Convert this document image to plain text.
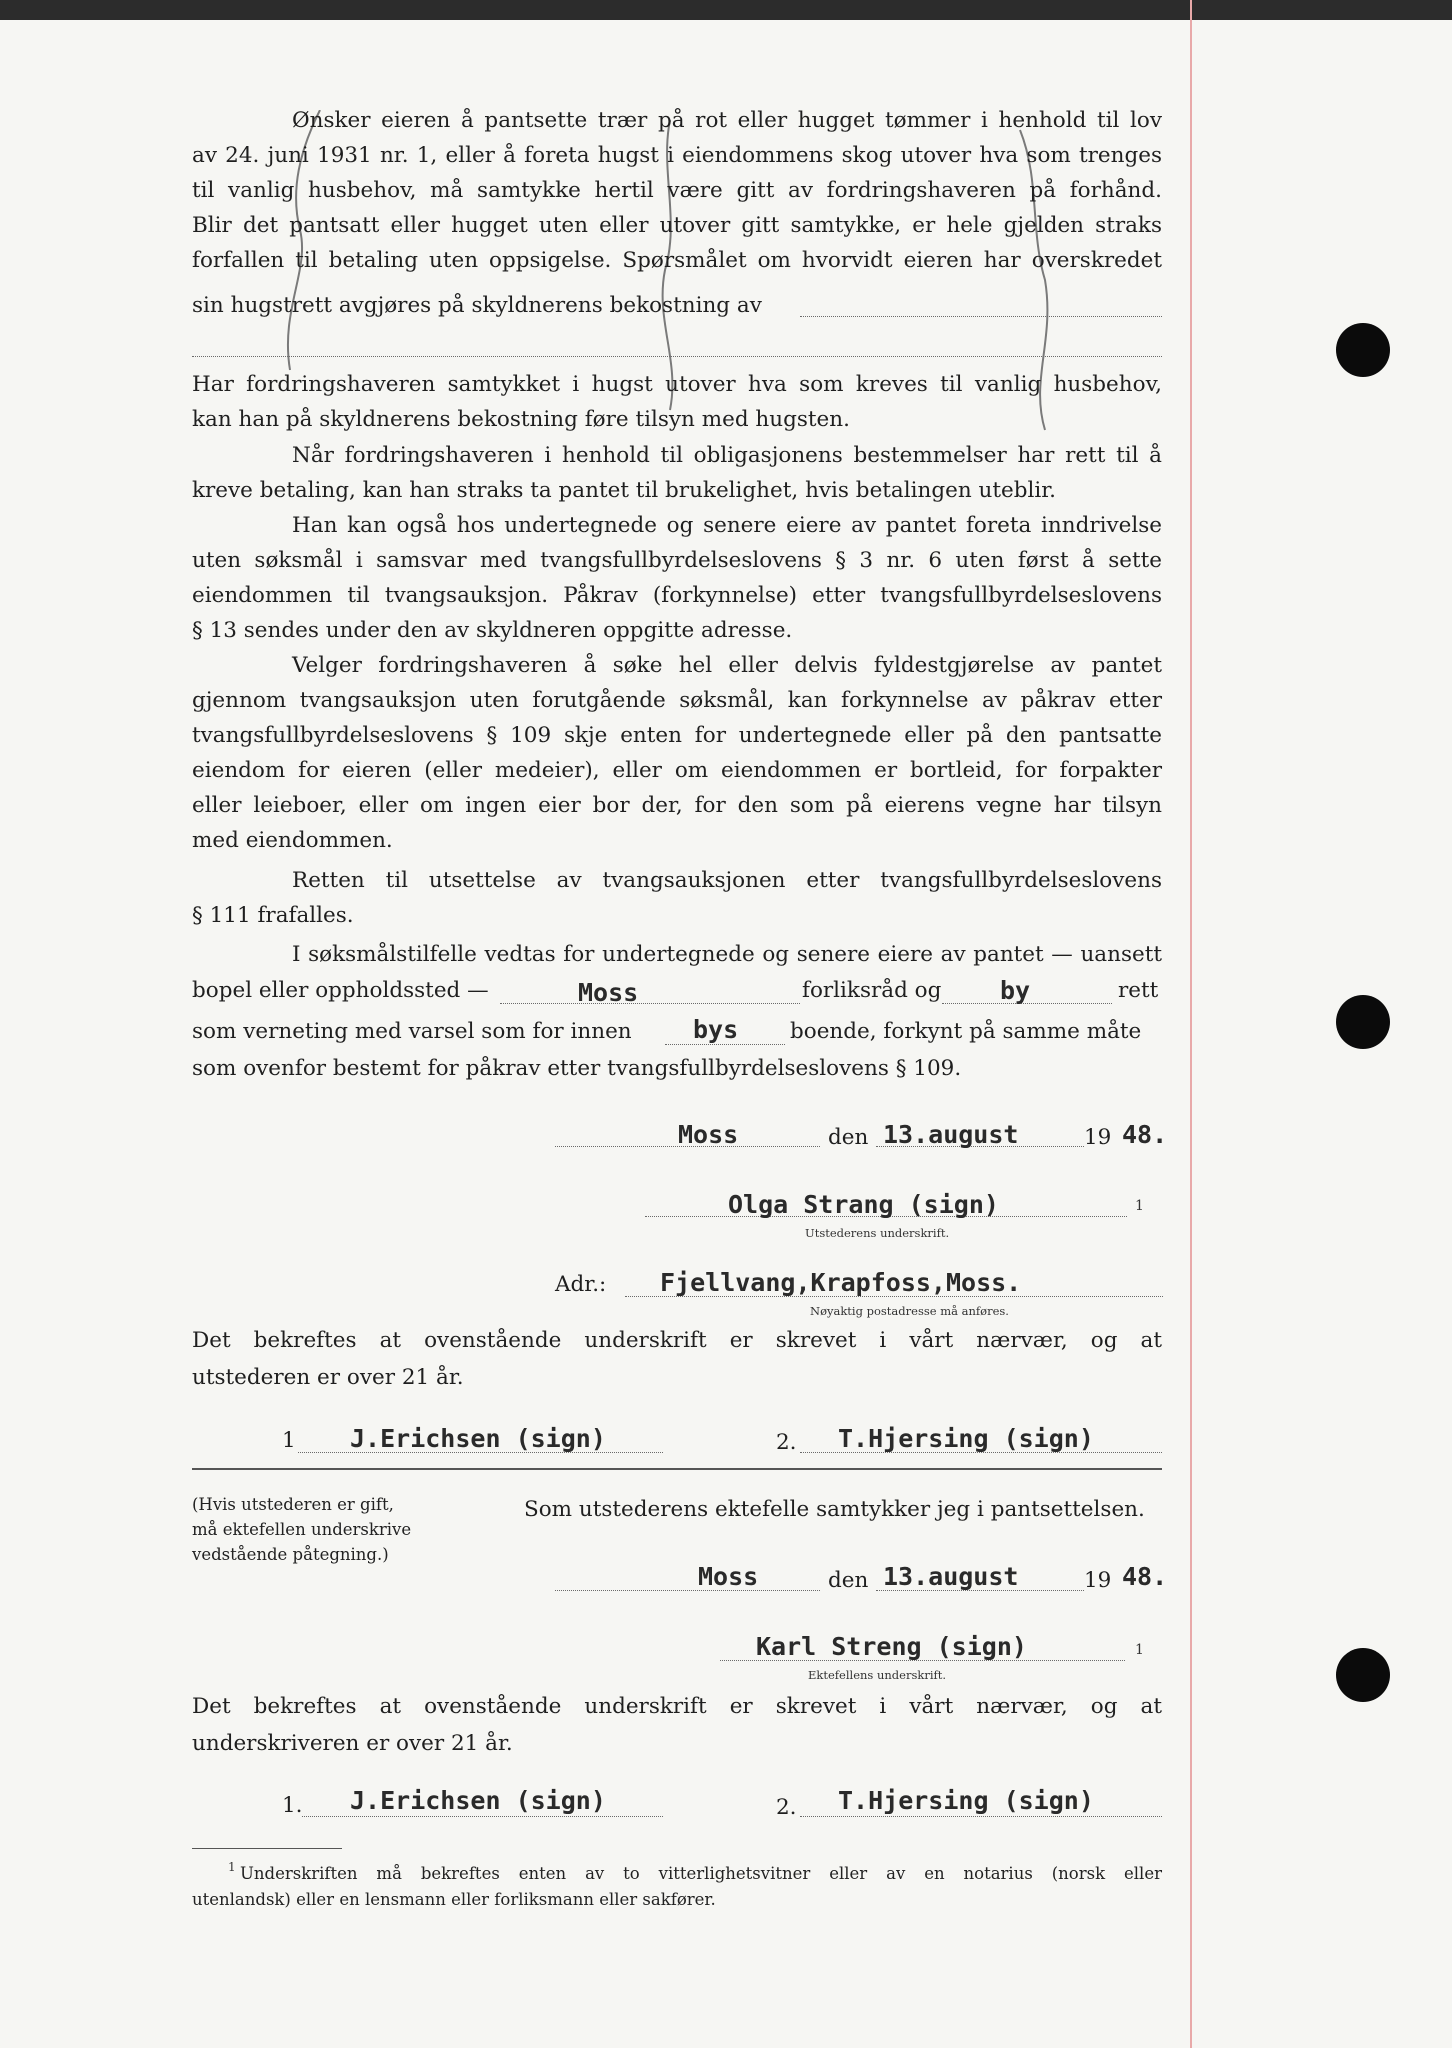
Ønsker eieren å pantsette trær på rot eller hugget tømmer i henhold til lov
av 24. juni 1931 nr. 1, eller å foreta hugst i eiendommens skog utover hva som trenges
til vanlig husbehov, må samtykke hertil være gitt av fordringshaveren på forhånd.
Blir det pantsatt eller hugget uten eller utover gitt samtykke, er hele gjelden straks
forfallen til betaling uten oppsigelse. Spørsmålet om hvorvidt eieren har overskredet
sin hugstrett avgjøres på skyldnerens bekostning av
Har fordringshaveren samtykket i hugst utover hva som kreves til vanlig husbehov,
kan han på skyldnerens bekostning føre tilsyn med hugsten.
Når fordringshaveren i henhold til obligasjonens bestemmelser har rett til å
kreve betaling, kan han straks ta pantet til brukelighet, hvis betalingen uteblir.
Han kan også hos undertegnede og senere eiere av pantet foreta inndrivelse
uten søksmål i samsvar med tvangsfullbyrdelseslovens § 3 nr. 6 uten først å sette
eiendommen til tvangsauksjon. Påkrav (forkynnelse) etter tvangsfullbyrdelseslovens
§ 13 sendes under den av skyldneren oppgitte adresse.
Velger fordringshaveren å søke hel eller delvis fyldestgjørelse av pantet
gjennom tvangsauksjon uten forutgående søksmål, kan forkynnelse av påkrav etter
tvangsfullbyrdelseslovens § 109 skje enten for undertegnede eller på den pantsatte
eiendom for eieren (eller medeier), eller om eiendommen er bortleid, for forpakter
eller leieboer, eller om ingen eier bor der, for den som på eierens vegne har tilsyn
med eiendommen.
Retten til utsettelse av tvangsauksjonen etter tvangsfullbyrdelseslovens
§ 111 frafalles.
I søksmålstilfelle vedtas for undertegnede og senere eiere av pantet — uansett
bopel eller oppholdssted —	Moss	forliksråd og by	rett
som verneting med varsel som for innen bys boende, forkynt på samme måte
som ovenfor bestemt for påkrav etter tvangsfullbyrdelseslovens § 109.
Moss	den 13.august	19 48.
Olga Strang (sign)	1
Utstederens underskrift.
Adr.: Fjellvang,Krapfoss,Moss.
Nøyaktig postadresse må anføres.
Det bekreftes at ovenstående underskrift er skrevet i vårt nærvær, og at
utstederen er over 21 år.
1 J.Erichsen (sign)	2. T.Hjersing (sign)
(Hvis utstederen er gift,
må ektefellen underskrive
vedstående påtegning.)
Som utstederens ektefelle samtykker jeg i pantsettelsen.
Moss	den 13.august	19 48.
Karl Streng (sign)	1
Ektefellens underskrift.
Det bekreftes at ovenstående underskrift er skrevet i vårt nærvær, og at
underskriveren er over 21 år.
1. J.Erichsen (sign)	2. T.Hjersing (sign)
1 Underskriften må bekreftes enten av to vitterlighetsvitner eller av en notarius (norsk eller
utenlandsk) eller en lensmann eller forliksmann eller sakfører.
